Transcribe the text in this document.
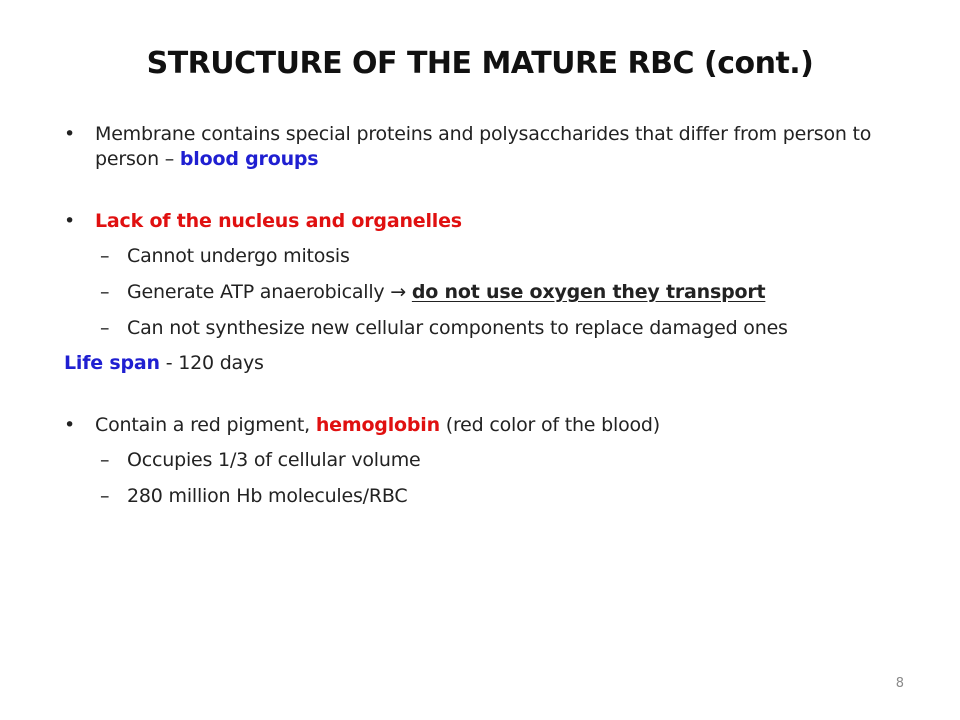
STRUCTURE OF THE MATURE RBC (cont.)

• Membrane contains special proteins and polysaccharides that differ from person to person – blood groups

• Lack of the nucleus and organelles

– Cannot undergo mitosis

– Generate ATP anaerobically → do not use oxygen they transport

– Can not synthesize new cellular components to replace damaged ones

Life span - 120 days

• Contain a red pigment, hemoglobin (red color of the blood)

– Occupies 1/3 of cellular volume

– 280 million Hb molecules/RBC

8
